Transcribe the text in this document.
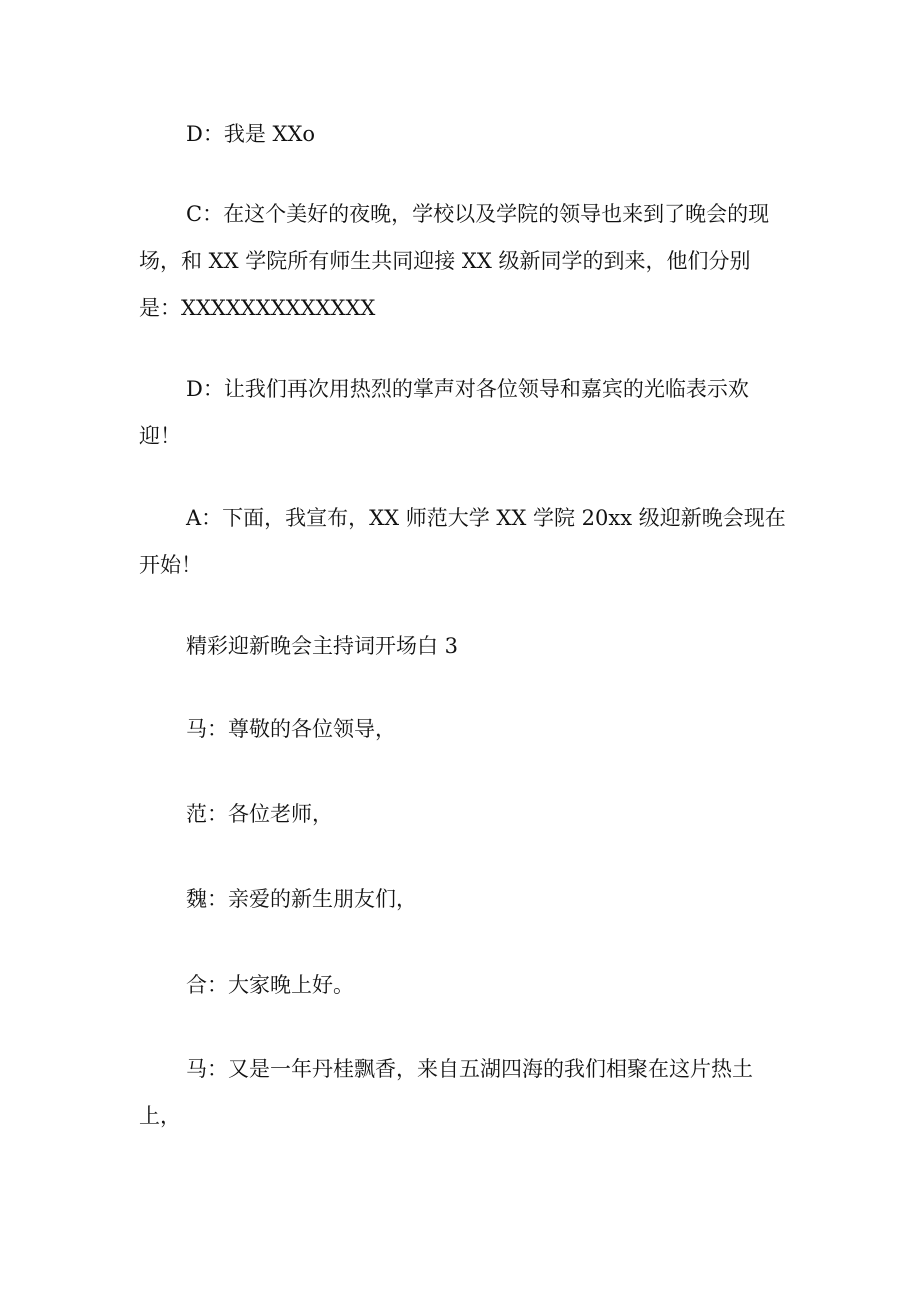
D：我是 XXo

C：在这个美好的夜晚，学校以及学院的领导也来到了晚会的现场，和 XX 学院所有师生共同迎接 XX 级新同学的到来，他们分别是：XXXXXXXXXXXXX

D：让我们再次用热烈的掌声对各位领导和嘉宾的光临表示欢迎！

A：下面，我宣布，XX 师范大学 XX 学院 20xx 级迎新晚会现在开始！

精彩迎新晚会主持词开场白 3

马：尊敬的各位领导，

范：各位老师，

魏：亲爱的新生朋友们，

合：大家晚上好。

马：又是一年丹桂飘香，来自五湖四海的我们相聚在这片热土上，
